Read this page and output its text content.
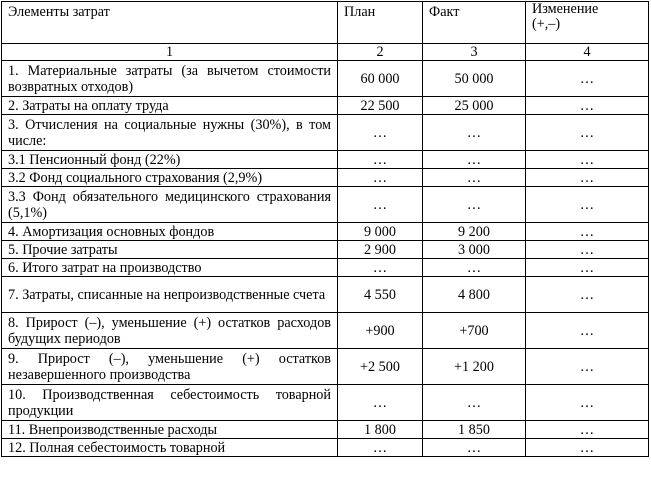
Элементы затрат	План	Факт	Изменение
(+,–)
1	2	3	4
1. Материальные затраты (за вычетом стоимости возвратных отходов)	60 000	50 000	…
2. Затраты на оплату труда	22 500	25 000	…
3. Отчисления на социальные нужны (30%), в том числе:	…	…	…
3.1 Пенсионный фонд (22%)	…	…	…
3.2 Фонд социального страхования (2,9%)	…	…	…
3.3 Фонд обязательного медицинского страхования (5,1%)	…	…	…
4. Амортизация основных фондов	9 000	9 200	…
5. Прочие затраты	2 900	3 000	…
6. Итого затрат на производство	…	…	…
7. Затраты, списанные на непроизводственные счета	4 550	4 800	…
8. Прирост (–), уменьшение (+) остатков расходов будущих периодов	+900	+700	…
9. Прирост (–), уменьшение (+) остатков незавершенного производства	+2 500	+1 200	…
10. Производственная себестоимость товарной продукции	…	…	…
11. Внепроизводственные расходы	1 800	1 850	…
12. Полная себестоимость товарной	…	…	…
